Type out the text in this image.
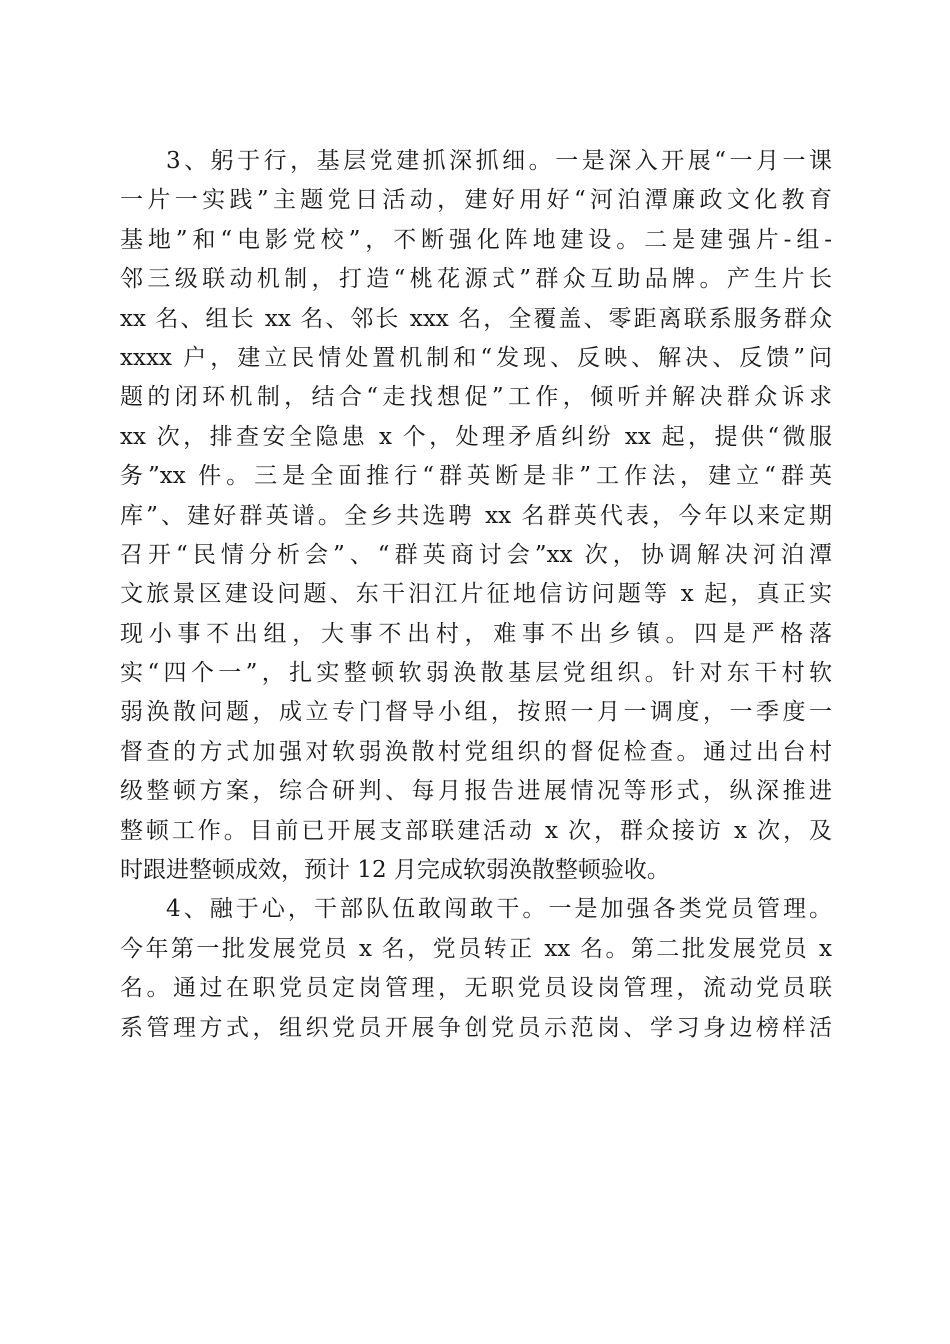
3、躬于行，基层党建抓深抓细。一是深入开展“一月一课
一片一实践”主题党日活动，建好用好“河泊潭廉政文化教育
基地”和“电影党校”，不断强化阵地建设。二是建强片-组-
邻三级联动机制，打造“桃花源式”群众互助品牌。产生片长
xx 名、组长 xx 名、邻长 xxx 名，全覆盖、零距离联系服务群众
xxxx 户，建立民情处置机制和“发现、反映、解决、反馈”问
题的闭环机制，结合“走找想促”工作，倾听并解决群众诉求
xx 次，排查安全隐患 x 个，处理矛盾纠纷 xx 起，提供“微服
务”xx 件。三是全面推行“群英断是非”工作法，建立“群英
库”、建好群英谱。全乡共选聘 xx 名群英代表，今年以来定期
召开“民情分析会”、“群英商讨会”xx 次，协调解决河泊潭
文旅景区建设问题、东干汨江片征地信访问题等 x 起，真正实
现小事不出组，大事不出村，难事不出乡镇。四是严格落
实“四个一”，扎实整顿软弱涣散基层党组织。针对东干村软
弱涣散问题，成立专门督导小组，按照一月一调度，一季度一
督查的方式加强对软弱涣散村党组织的督促检查。通过出台村
级整顿方案，综合研判、每月报告进展情况等形式，纵深推进
整顿工作。目前已开展支部联建活动 x 次，群众接访 x 次，及
时跟进整顿成效，预计 12 月完成软弱涣散整顿验收。
4、融于心，干部队伍敢闯敢干。一是加强各类党员管理。
今年第一批发展党员 x 名，党员转正 xx 名。第二批发展党员 x
名。通过在职党员定岗管理，无职党员设岗管理，流动党员联
系管理方式，组织党员开展争创党员示范岗、学习身边榜样活
